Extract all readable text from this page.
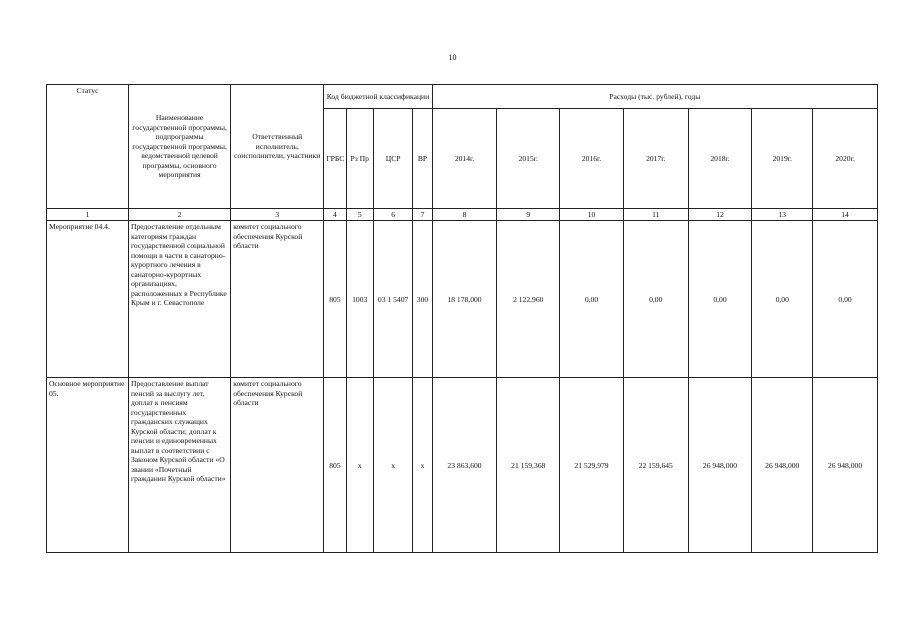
10
Статус	Наименование государственной программы, подпрограммы государственной программы, ведомственной целевой программы, основного мероприятия	Ответственный исполнитель, соисполнители, участники	Код бюджетной классификации				Расходы (тыс. рублей), годы						
			ГРБС	Рз Пр	ЦСР	ВР	2014г.	2015г.	2016г.	2017г.	2018г.	2019г.	2020г.
1	2	3	4	5	6	7	8	9	10	11	12	13	14
Мероприятие 04.4.	Предоставление отдельным категориям граждан государственной социальной помощи в части в санаторно-курортного лечения в санаторно-курортных организациях, расположенных в Республике Крым и г. Севастополе	комитет социального обеспечения Курской области	805	1003	03 1 5407	300	18 178,000	2 122,960	0,00	0,00	0,00	0,00	0,00
Основное мероприятие 05.	Предоставление выплат пенсий за выслугу лет, доплат к пенсиям государственных гражданских служащих Курской области; доплат к пенсии и единовременных выплат в соответствии с Законом Курской области «О звании «Почетный гражданин Курской области»	комитет социального обеспечения Курской области	805	х	х	х	23 863,600	21 159,368	21 529,979	22 159,645	26 948,000	26 948,000	26 948,000
